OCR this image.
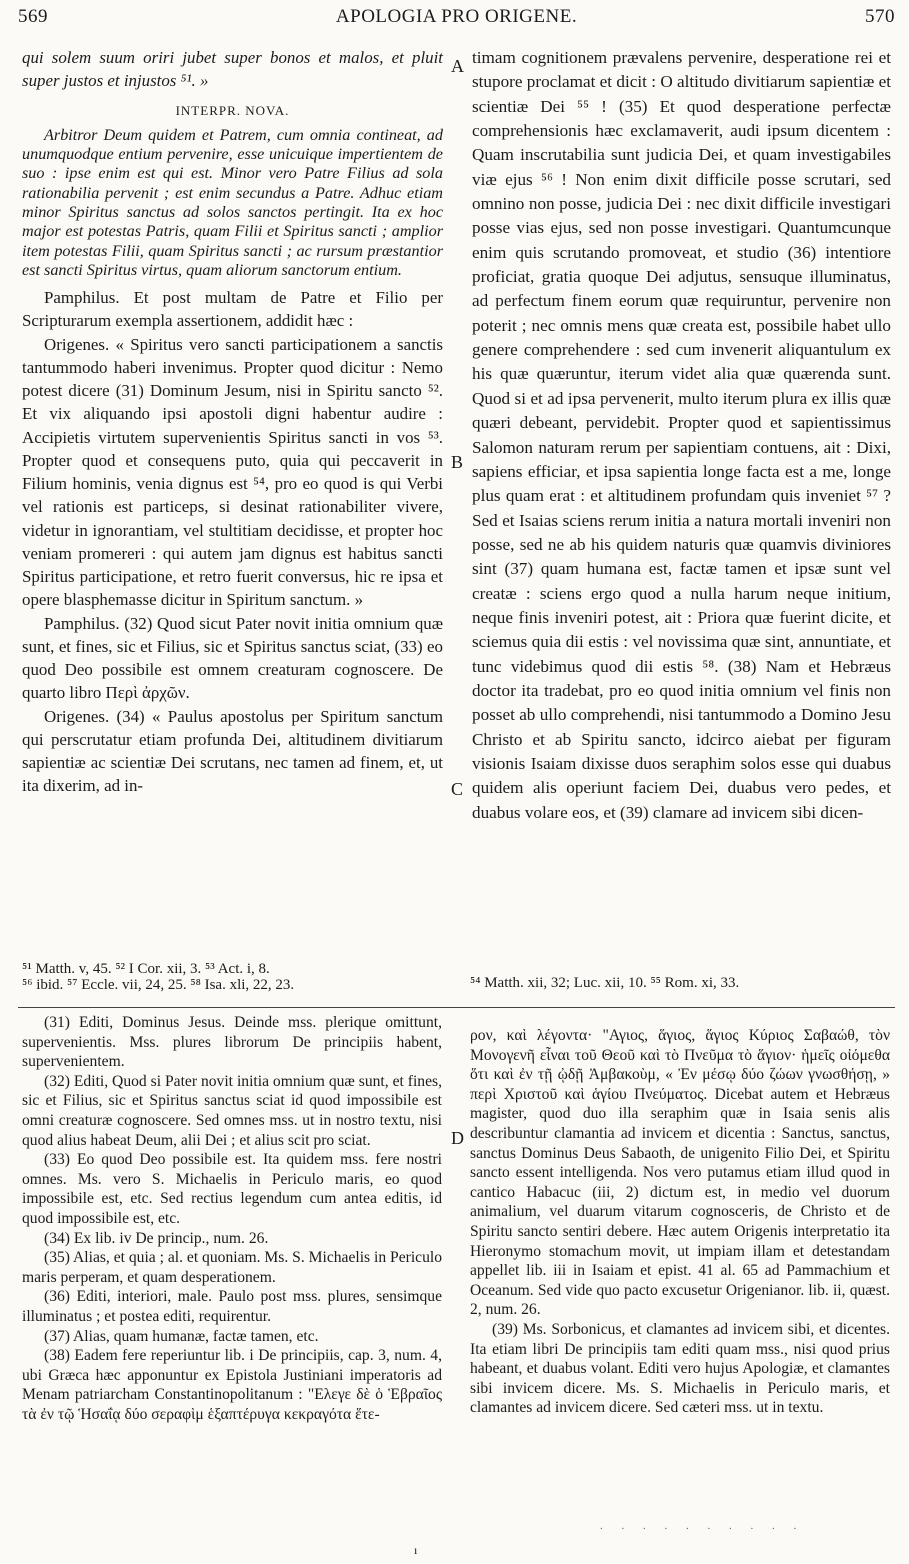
569	APOLOGIA PRO ORIGENE.	570

qui solem suum oriri jubet super bonos et malos, et pluit super justos et injustos ⁵¹. »

INTERPR. NOVA.

Arbitror Deum quidem et Patrem, cum omnia contineat, ad unumquodque entium pervenire, esse unicuique impertientem de suo : ipse enim est qui est. Minor vero Patre Filius ad sola rationabilia pervenit ; est enim secundus a Patre. Adhuc etiam minor Spiritus sanctus ad solos sanctos pertingit. Ita ex hoc major est potestas Patris, quam Filii et Spiritus sancti ; amplior item potestas Filii, quam Spiritus sancti ; ac rursum præstantior est sancti Spiritus virtus, quam aliorum sanctorum entium.

Pamphilus. Et post multam de Patre et Filio per Scripturarum exempla assertionem, addidit hæc :

Origenes. « Spiritus vero sancti participationem a sanctis tantummodo haberi invenimus. Propter quod dicitur : Nemo potest dicere (31) Dominum Jesum, nisi in Spiritu sancto ⁵². Et vix aliquando ipsi apostoli digni habentur audire : Accipietis virtutem supervenientis Spiritus sancti in vos ⁵³. Propter quod et consequens puto, quia qui peccaverit in Filium hominis, venia dignus est ⁵⁴, pro eo quod is qui Verbi vel rationis est particeps, si desinat rationabiliter vivere, videtur in ignorantiam, vel stultitiam decidisse, et propter hoc veniam promereri : qui autem jam dignus est habitus sancti Spiritus participatione, et retro fuerit conversus, hic re ipsa et opere blasphemasse dicitur in Spiritum sanctum. »

Pamphilus. (32) Quod sicut Pater novit initia omnium quæ sunt, et fines, sic et Filius, sic et Spiritus sanctus sciat, (33) eo quod Deo possibile est omnem creaturam cognoscere. De quarto libro Περὶ ἀρχῶν.

Origenes. (34) « Paulus apostolus per Spiritum sanctum qui perscrutatur etiam profunda Dei, altitudinem divitiarum sapientiæ ac scientiæ Dei scrutans, nec tamen ad finem, et, ut ita dixerim, ad in-

⁵¹ Matth. v, 45. ⁵² I Cor. xii, 3. ⁵³ Act. i, 8.
⁵⁶ ibid. ⁵⁷ Eccle. vii, 24, 25. ⁵⁸ Isa. xli, 22, 23.

timam cognitionem prævalens pervenire, desperatione rei et stupore proclamat et dicit : O altitudo divitiarum sapientiæ et scientiæ Dei ⁵⁵ ! (35) Et quod desperatione perfectæ comprehensionis hæc exclamaverit, audi ipsum dicentem : Quam inscrutabilia sunt judicia Dei, et quam investigabiles viæ ejus ⁵⁶ ! Non enim dixit difficile posse scrutari, sed omnino non posse, judicia Dei : nec dixit difficile investigari posse vias ejus, sed non posse investigari. Quantumcunque enim quis scrutando promoveat, et studio (36) intentiore proficiat, gratia quoque Dei adjutus, sensuque illuminatus, ad perfectum finem eorum quæ requiruntur, pervenire non poterit ; nec omnis mens quæ creata est, possibile habet ullo genere comprehendere : sed cum invenerit aliquantulum ex his quæ quæruntur, iterum videt alia quæ quærenda sunt. Quod si et ad ipsa pervenerit, multo iterum plura ex illis quæ quæri debeant, pervidebit. Propter quod et sapientissimus Salomon naturam rerum per sapientiam contuens, ait : Dixi, sapiens efficiar, et ipsa sapientia longe facta est a me, longe plus quam erat : et altitudinem profundam quis inveniet ⁵⁷ ? Sed et Isaias sciens rerum initia a natura mortali inveniri non posse, sed ne ab his quidem naturis quæ quamvis diviniores sint (37) quam humana est, factæ tamen et ipsæ sunt vel creatæ : sciens ergo quod a nulla harum neque initium, neque finis inveniri potest, ait : Priora quæ fuerint dicite, et sciemus quia dii estis : vel novissima quæ sint, annuntiate, et tunc videbimus quod dii estis ⁵⁸. (38) Nam et Hebræus doctor ita tradebat, pro eo quod initia omnium vel finis non posset ab ullo comprehendi, nisi tantummodo a Domino Jesu Christo et ab Spiritu sancto, idcirco aiebat per figuram visionis Isaiam dixisse duos seraphim solos esse qui duabus quidem alis operiunt faciem Dei, duabus vero pedes, et duabus volare eos, et (39) clamare ad invicem sibi dicen-

⁵⁴ Matth. xii, 32; Luc. xii, 10. ⁵⁵ Rom. xi, 33.
A
B
C
D

(31) Editi, Dominus Jesus. Deinde mss. plerique omittunt, supervenientis. Mss. plures librorum De principiis habent, supervenientem.

(32) Editi, Quod si Pater novit initia omnium quæ sunt, et fines, sic et Filius, sic et Spiritus sanctus sciat id quod impossibile est omni creaturæ cognoscere. Sed omnes mss. ut in nostro textu, nisi quod alius habeat Deum, alii Dei ; et alius scit pro sciat.

(33) Eo quod Deo possibile est. Ita quidem mss. fere nostri omnes. Ms. vero S. Michaelis in Periculo maris, eo quod impossibile est, etc. Sed rectius legendum cum antea editis, id quod impossibile est, etc.

(34) Ex lib. iv De princip., num. 26.

(35) Alias, et quia ; al. et quoniam. Ms. S. Michaelis in Periculo maris perperam, et quam desperationem.

(36) Editi, interiori, male. Paulo post mss. plures, sensimque illuminatus ; et postea editi, requirentur.

(37) Alias, quam humanæ, factæ tamen, etc.

(38) Eadem fere reperiuntur lib. i De principiis, cap. 3, num. 4, ubi Græca hæc apponuntur ex Epistola Justiniani imperatoris ad Menam patriarcham Constantinopolitanum : "Ελεγε δὲ ὁ Ἑβραῖος τὰ ἐν τῷ Ἡσαΐᾳ δύο σεραφὶμ ἑξαπτέρυγα κεκραγότα ἕτε-

ρον, καὶ λέγοντα· "Αγιος, ἅγιος, ἅγιος Κύριος Σαβαώθ, τὸν Μονογενῆ εἶναι τοῦ Θεοῦ καὶ τὸ Πνεῦμα τὸ ἅγιον· ἡμεῖς οἰόμεθα ὅτι καὶ ἐν τῇ ᾠδῇ Ἀμβακοὺμ, « Ἐν μέσῳ δύο ζώων γνωσθήσῃ, » περὶ Χριστοῦ καὶ ἁγίου Πνεύματος. Dicebat autem et Hebræus magister, quod duo illa seraphim quæ in Isaia senis alis describuntur clamantia ad invicem et dicentia : Sanctus, sanctus, sanctus Dominus Deus Sabaoth, de unigenito Filio Dei, et Spiritu sancto essent intelligenda. Nos vero putamus etiam illud quod in cantico Habacuc (iii, 2) dictum est, in medio vel duorum animalium, vel duarum vitarum cognosceris, de Christo et de Spiritu sancto sentiri debere. Hæc autem Origenis interpretatio ita Hieronymo stomachum movit, ut impiam illam et detestandam appellet lib. iii in Isaiam et epist. 41 al. 65 ad Pammachium et Oceanum. Sed vide quo pacto excusetur Origenianor. lib. ii, quæst. 2, num. 26.

(39) Ms. Sorbonicus, et clamantes ad invicem sibi, et dicentes. Ita etiam libri De principiis tam editi quam mss., nisi quod prius habeant, et duabus volant. Editi vero hujus Apologiæ, et clamantes sibi invicem dicere. Ms. S. Michaelis in Periculo maris, et clamantes ad invicem dicere. Sed cæteri mss. ut in textu.

. . . . . . . . . .
ı
